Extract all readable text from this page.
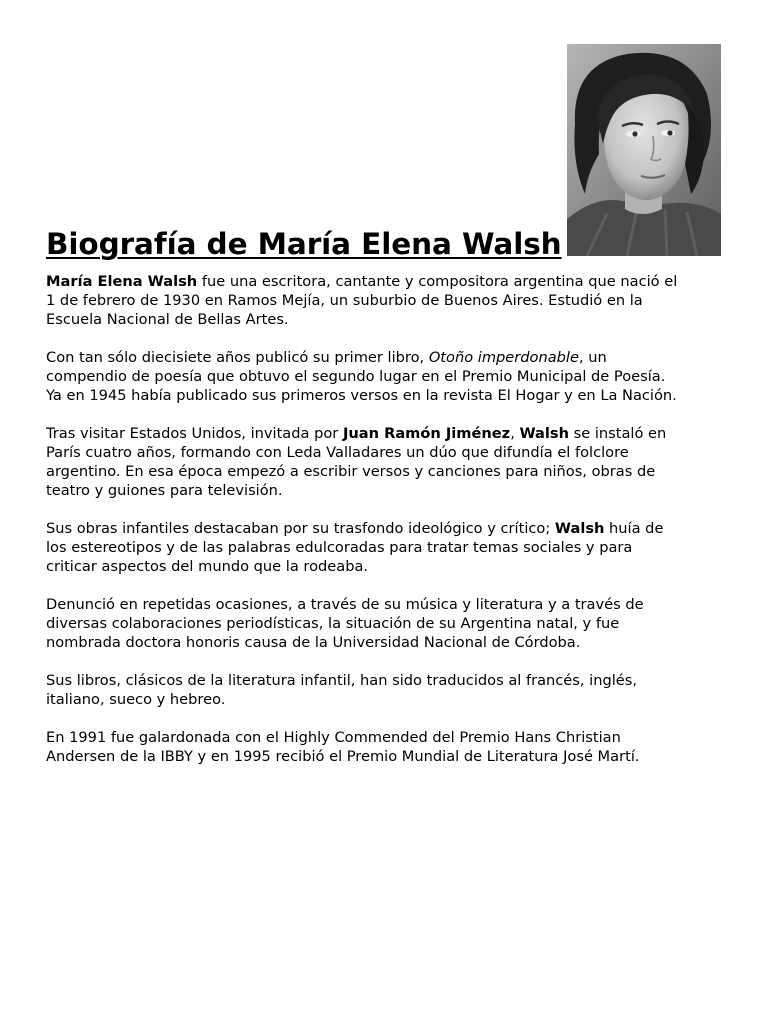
Biografía de María Elena Walsh

María Elena Walsh fue una escritora, cantante y compositora argentina que nació el
1 de febrero de 1930 en Ramos Mejía, un suburbio de Buenos Aires. Estudió en la
Escuela Nacional de Bellas Artes.

Con tan sólo diecisiete años publicó su primer libro, Otoño imperdonable, un
compendio de poesía que obtuvo el segundo lugar en el Premio Municipal de Poesía.
Ya en 1945 había publicado sus primeros versos en la revista El Hogar y en La Nación.

Tras visitar Estados Unidos, invitada por Juan Ramón Jiménez, Walsh se instaló en
París cuatro años, formando con Leda Valladares un dúo que difundía el folclore
argentino. En esa época empezó a escribir versos y canciones para niños, obras de
teatro y guiones para televisión.

Sus obras infantiles destacaban por su trasfondo ideológico y crítico; Walsh huía de
los estereotipos y de las palabras edulcoradas para tratar temas sociales y para
criticar aspectos del mundo que la rodeaba.

Denunció en repetidas ocasiones, a través de su música y literatura y a través de
diversas colaboraciones periodísticas, la situación de su Argentina natal, y fue
nombrada doctora honoris causa de la Universidad Nacional de Córdoba.

Sus libros, clásicos de la literatura infantil, han sido traducidos al francés, inglés,
italiano, sueco y hebreo.

En 1991 fue galardonada con el Highly Commended del Premio Hans Christian
Andersen de la IBBY y en 1995 recibió el Premio Mundial de Literatura José Martí.
